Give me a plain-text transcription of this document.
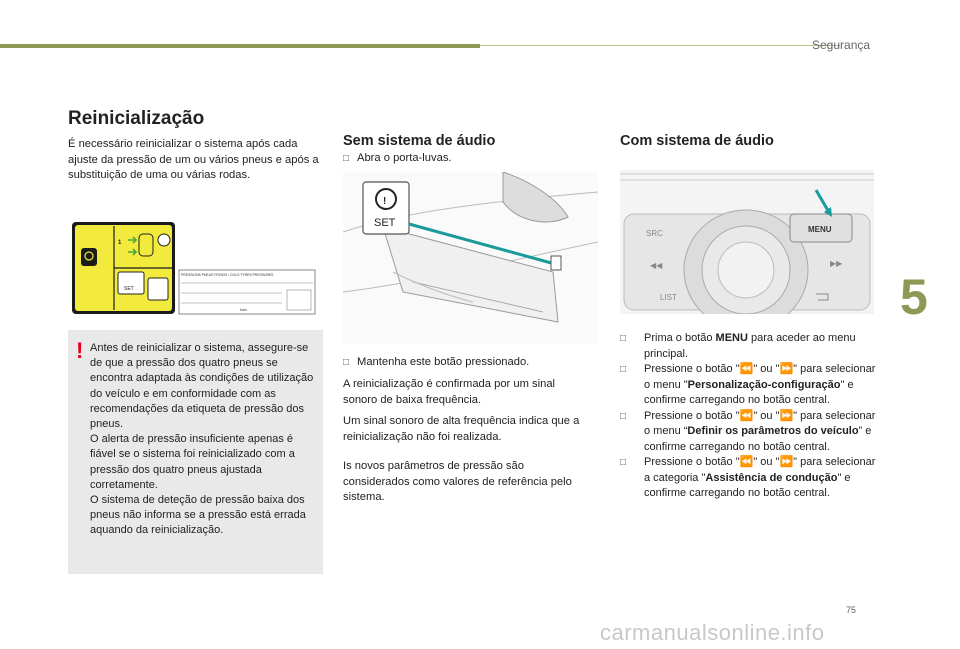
Segurança
5
75
carmanualsonline.info
Reinicialização

É necessário reinicializar o sistema após cada ajuste da pressão de um ou vários pneus e após a substituição de uma ou várias rodas.

1
SET
PRESSIONS PNEUS FROIDS / COLD TYRES PRESSURES
bars
! Antes de reinicializar o sistema, assegure-se de que a pressão dos quatro pneus se encontra adaptada às condições de utilização do veículo e em conformidade com as recomendações da etiqueta de pressão dos pneus.
O alerta de pressão insuficiente apenas é fiável se o sistema foi reinicializado com a pressão dos quatro pneus ajustada corretamente.
O sistema de deteção de pressão baixa dos pneus não informa se a pressão está errada aquando da reinicialização.
Sem sistema de áudio
□ Abra o porta-luvas.
!
SET
□ Mantenha este botão pressionado.

A reinicialização é confirmada por um sinal sonoro de baixa frequência.

Um sinal sonoro de alta frequência indica que a reinicialização não foi realizada.

Is novos parâmetros de pressão são considerados como valores de referência pelo sistema.

Com sistema de áudio
SRC
◀◀
LIST
MENU
▶▶
□ Prima o botão MENU para aceder ao menu principal.
□ Pressione o botão "⏪" ou "⏩" para selecionar o menu "Personalização-configuração" e confirme carregando no botão central.
□ Pressione o botão "⏪" ou "⏩" para selecionar o menu “Definir os parâmetros do veículo” e confirme carregando no botão central.
□ Pressione o botão "⏪" ou "⏩" para selecionar a categoria "Assistência de condução" e confirme carregando no botão central.
